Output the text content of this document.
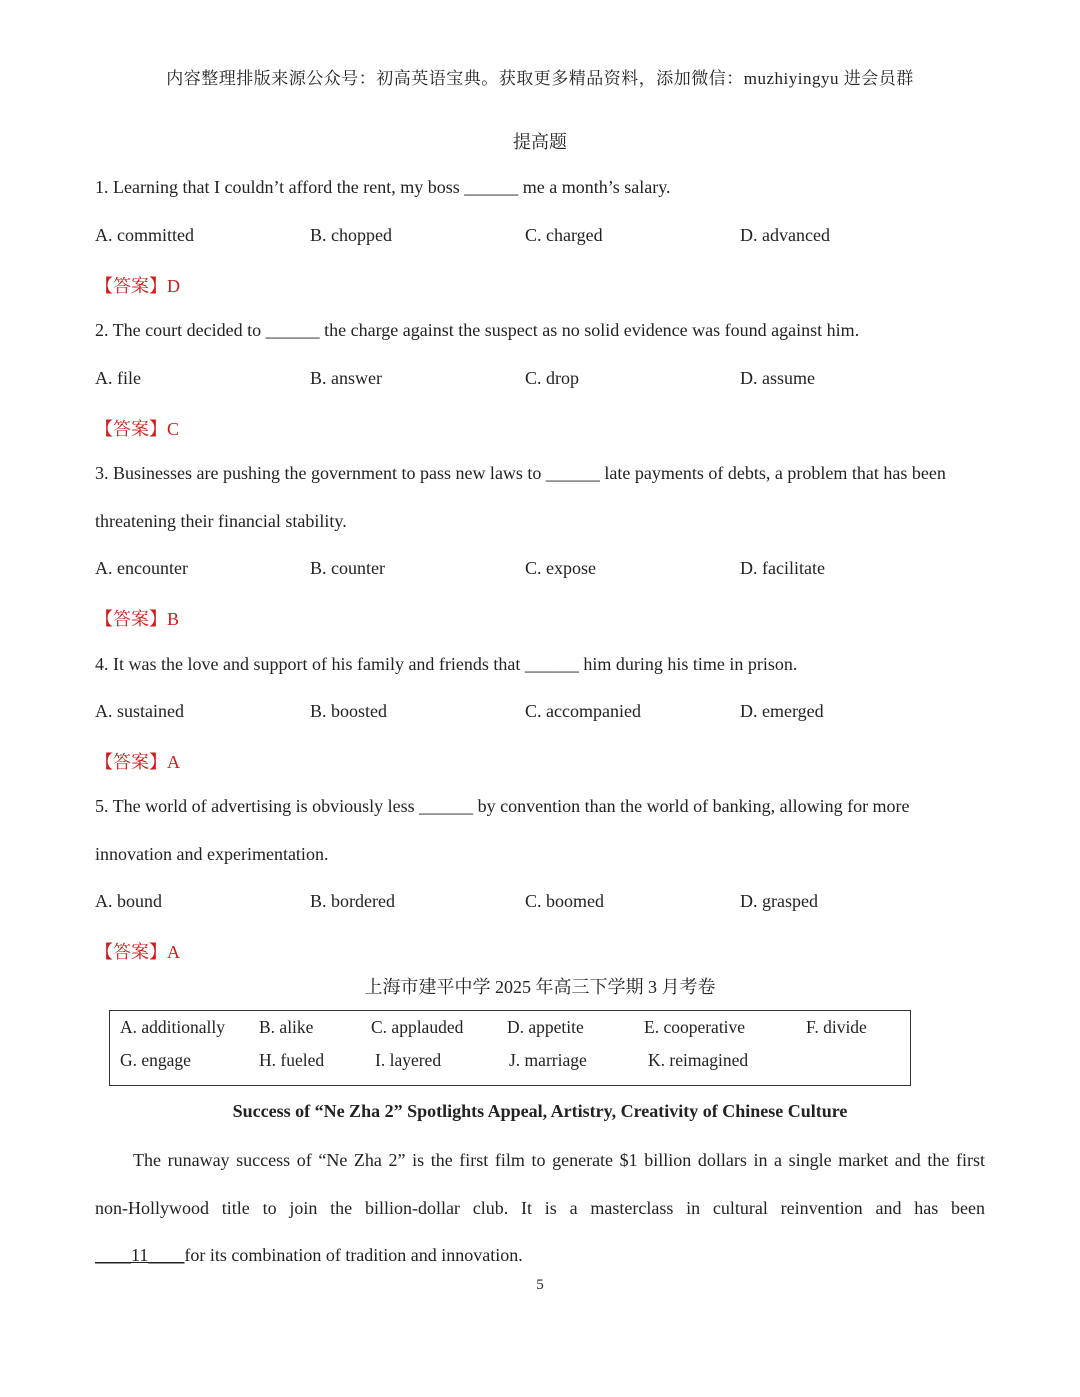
内容整理排版来源公众号：初高英语宝典。获取更多精品资料，添加微信：muzhiyingyu 进会员群
提高题
1. Learning that I couldn’t afford the rent, my boss ______ me a month’s salary.
A. committed	B. chopped	C. charged	D. advanced
【答案】D
2. The court decided to ______ the charge against the suspect as no solid evidence was found against him.
A. file	B. answer	C. drop	D. assume
【答案】C
3. Businesses are pushing the government to pass new laws to ______ late payments of debts, a problem that has been
threatening their financial stability.
A. encounter	B. counter	C. expose	D. facilitate
【答案】B
4. It was the love and support of his family and friends that ______ him during his time in prison.
A. sustained	B. boosted	C. accompanied	D. emerged
【答案】A
5. The world of advertising is obviously less ______ by convention than the world of banking, allowing for more
innovation and experimentation.
A. bound	B. bordered	C. boomed	D. grasped
【答案】A
上海市建平中学 2025 年高三下学期 3 月考卷
A. additionally B. alike	C. applauded D. appetite	E. cooperative	F. divide
G. engage	H. fueled	I. layered	J. marriage	K. reimagined
Success of “Ne Zha 2” Spotlights Appeal, Artistry, Creativity of Chinese Culture
The runaway success of “Ne Zha 2” is the first film to generate $1 billion dollars in a single market and the first
non-Hollywood title to join the billion-dollar club. It is a masterclass in cultural reinvention and has been
____11____for its combination of tradition and innovation.
5
